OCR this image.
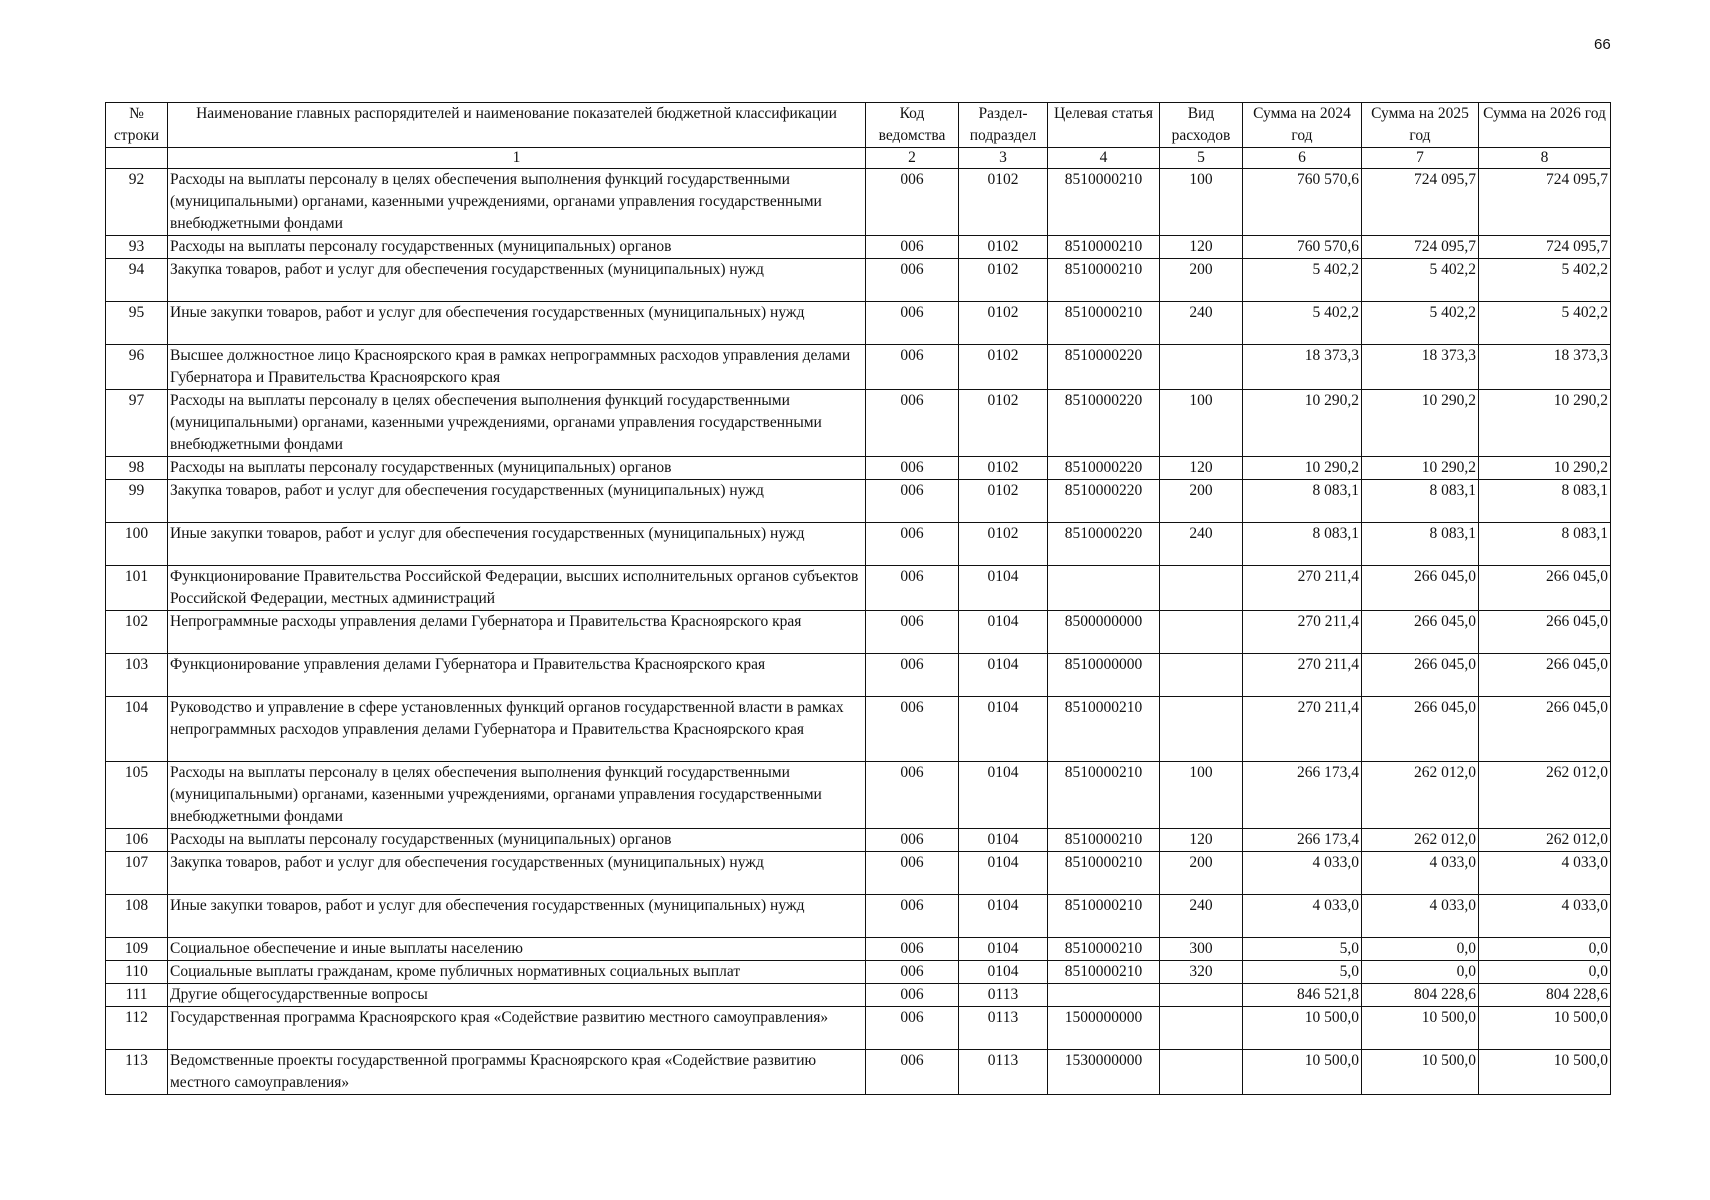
66
№ строки	Наименование главных распорядителей и наименование показателей бюджетной классификации	Код ведомства	Раздел-подраздел	Целевая статья	Вид расходов	Сумма на 2024 год	Сумма на 2025 год	Сумма на 2026 год
	1	2	3	4	5	6	7	8
92	Расходы на выплаты персоналу в целях обеспечения выполнения функций государственными (муниципальными) органами, казенными учреждениями, органами управления государственными внебюджетными фондами	006	0102	8510000210	100	760 570,6	724 095,7	724 095,7
93	Расходы на выплаты персоналу государственных (муниципальных) органов	006	0102	8510000210	120	760 570,6	724 095,7	724 095,7
94	Закупка товаров, работ и услуг для обеспечения государственных (муниципальных) нужд	006	0102	8510000210	200	5 402,2	5 402,2	5 402,2
95	Иные закупки товаров, работ и услуг для обеспечения государственных (муниципальных) нужд	006	0102	8510000210	240	5 402,2	5 402,2	5 402,2
96	Высшее должностное лицо Красноярского края в рамках непрограммных расходов управления делами Губернатора и Правительства Красноярского края	006	0102	8510000220		18 373,3	18 373,3	18 373,3
97	Расходы на выплаты персоналу в целях обеспечения выполнения функций государственными (муниципальными) органами, казенными учреждениями, органами управления государственными внебюджетными фондами	006	0102	8510000220	100	10 290,2	10 290,2	10 290,2
98	Расходы на выплаты персоналу государственных (муниципальных) органов	006	0102	8510000220	120	10 290,2	10 290,2	10 290,2
99	Закупка товаров, работ и услуг для обеспечения государственных (муниципальных) нужд	006	0102	8510000220	200	8 083,1	8 083,1	8 083,1
100	Иные закупки товаров, работ и услуг для обеспечения государственных (муниципальных) нужд	006	0102	8510000220	240	8 083,1	8 083,1	8 083,1
101	Функционирование Правительства Российской Федерации, высших исполнительных органов субъектов Российской Федерации, местных администраций	006	0104			270 211,4	266 045,0	266 045,0
102	Непрограммные расходы управления делами Губернатора и Правительства Красноярского края	006	0104	8500000000		270 211,4	266 045,0	266 045,0
103	Функционирование управления делами Губернатора и Правительства Красноярского края	006	0104	8510000000		270 211,4	266 045,0	266 045,0
104	Руководство и управление в сфере установленных функций органов государственной власти в рамках непрограммных расходов управления делами Губернатора и Правительства Красноярского края	006	0104	8510000210		270 211,4	266 045,0	266 045,0
105	Расходы на выплаты персоналу в целях обеспечения выполнения функций государственными (муниципальными) органами, казенными учреждениями, органами управления государственными внебюджетными фондами	006	0104	8510000210	100	266 173,4	262 012,0	262 012,0
106	Расходы на выплаты персоналу государственных (муниципальных) органов	006	0104	8510000210	120	266 173,4	262 012,0	262 012,0
107	Закупка товаров, работ и услуг для обеспечения государственных (муниципальных) нужд	006	0104	8510000210	200	4 033,0	4 033,0	4 033,0
108	Иные закупки товаров, работ и услуг для обеспечения государственных (муниципальных) нужд	006	0104	8510000210	240	4 033,0	4 033,0	4 033,0
109	Социальное обеспечение и иные выплаты населению	006	0104	8510000210	300	5,0	0,0	0,0
110	Социальные выплаты гражданам, кроме публичных нормативных социальных выплат	006	0104	8510000210	320	5,0	0,0	0,0
111	Другие общегосударственные вопросы	006	0113			846 521,8	804 228,6	804 228,6
112	Государственная программа Красноярского края «Содействие развитию местного самоуправления»	006	0113	1500000000		10 500,0	10 500,0	10 500,0
113	Ведомственные проекты государственной программы Красноярского края «Содействие развитию местного самоуправления»	006	0113	1530000000		10 500,0	10 500,0	10 500,0
